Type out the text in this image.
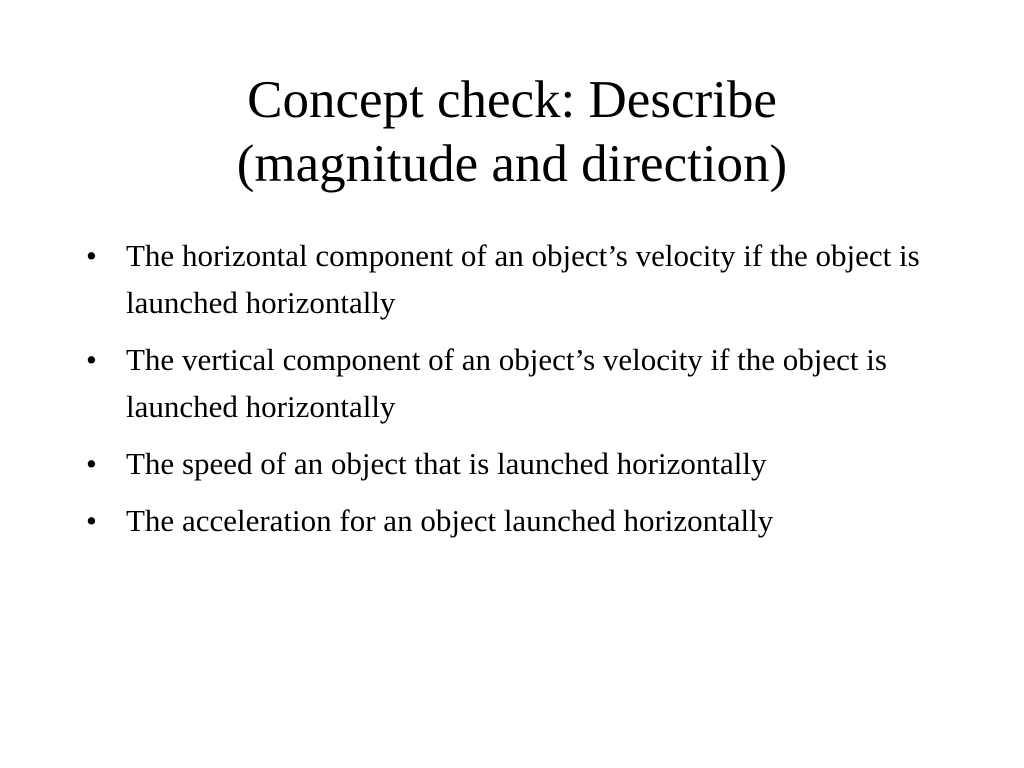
Concept check: Describe
(magnitude and direction)
• The horizontal component of an object’s velocity if the object is launched horizontally
• The vertical component of an object’s velocity if the object is launched horizontally
• The speed of an object that is launched horizontally
• The acceleration for an object launched horizontally
